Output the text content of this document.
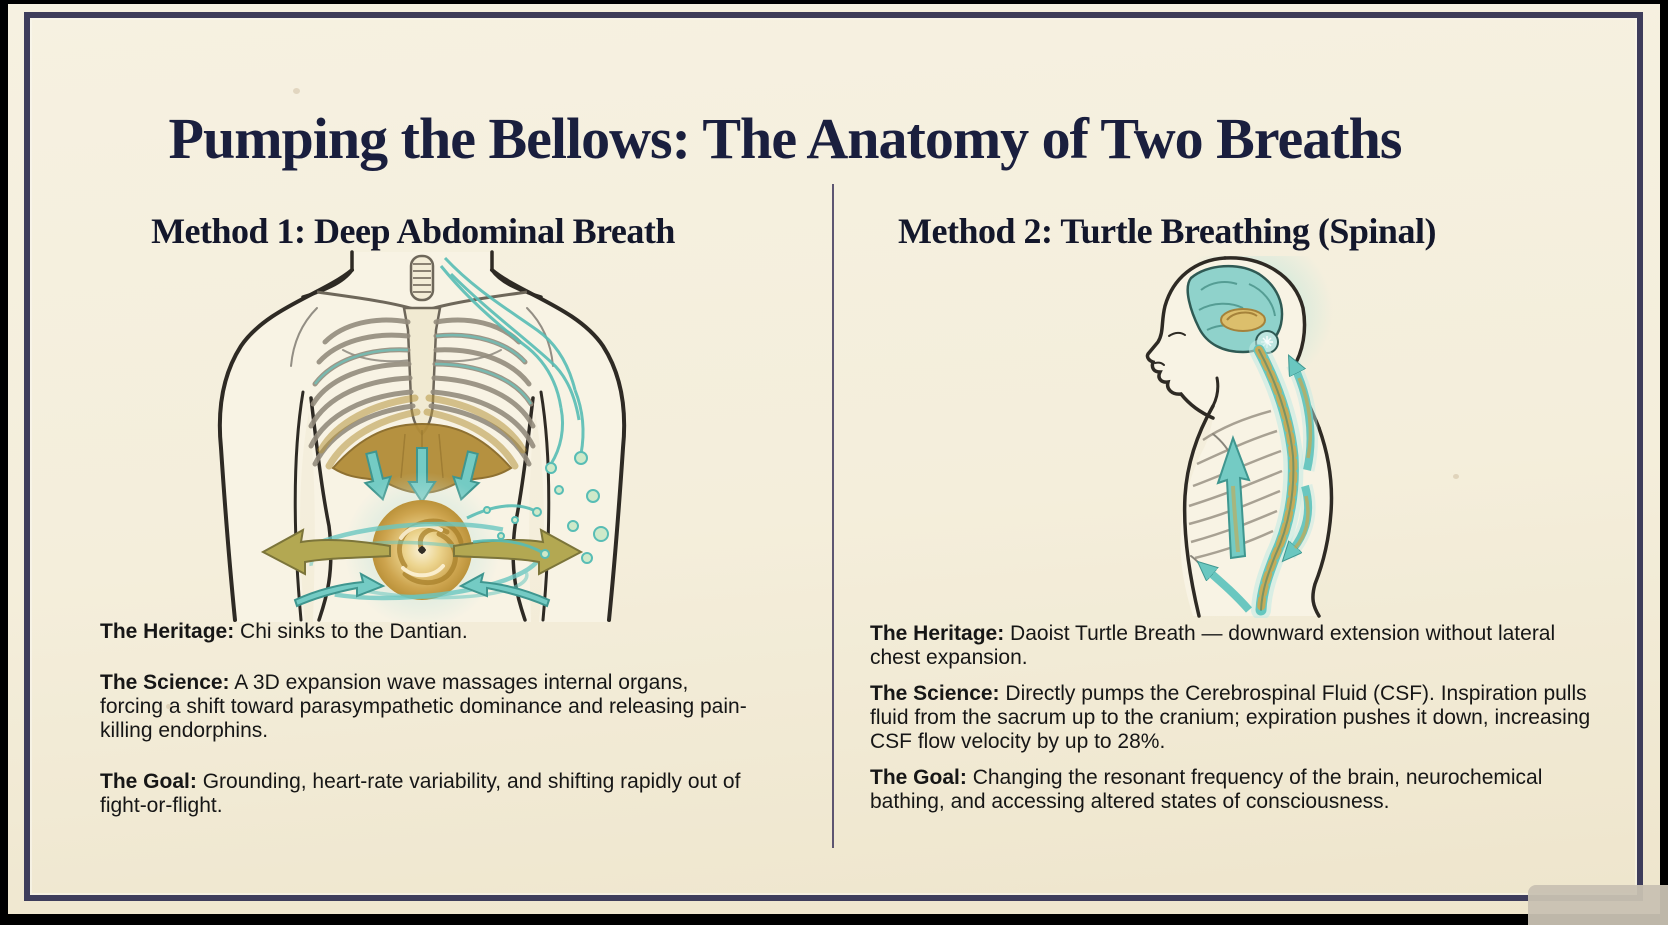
Pumping the Bellows: The Anatomy of Two Breaths
Method 1: Deep Abdominal Breath	Method 2: Turtle Breathing (Spinal)

The Heritage: Chi sinks to the Dantian.

The Science: A 3D expansion wave massages internal organs, forcing a shift toward parasympathetic dominance and releasing pain-killing endorphins.

The Goal: Grounding, heart-rate variability, and shifting rapidly out of fight-or-flight.

The Heritage: Daoist Turtle Breath — downward extension without lateral chest expansion.

The Science: Directly pumps the Cerebrospinal Fluid (CSF). Inspiration pulls fluid from the sacrum up to the cranium; expiration pushes it down, increasing CSF flow velocity by up to 28%.

The Goal: Changing the resonant frequency of the brain, neurochemical bathing, and accessing altered states of consciousness.
